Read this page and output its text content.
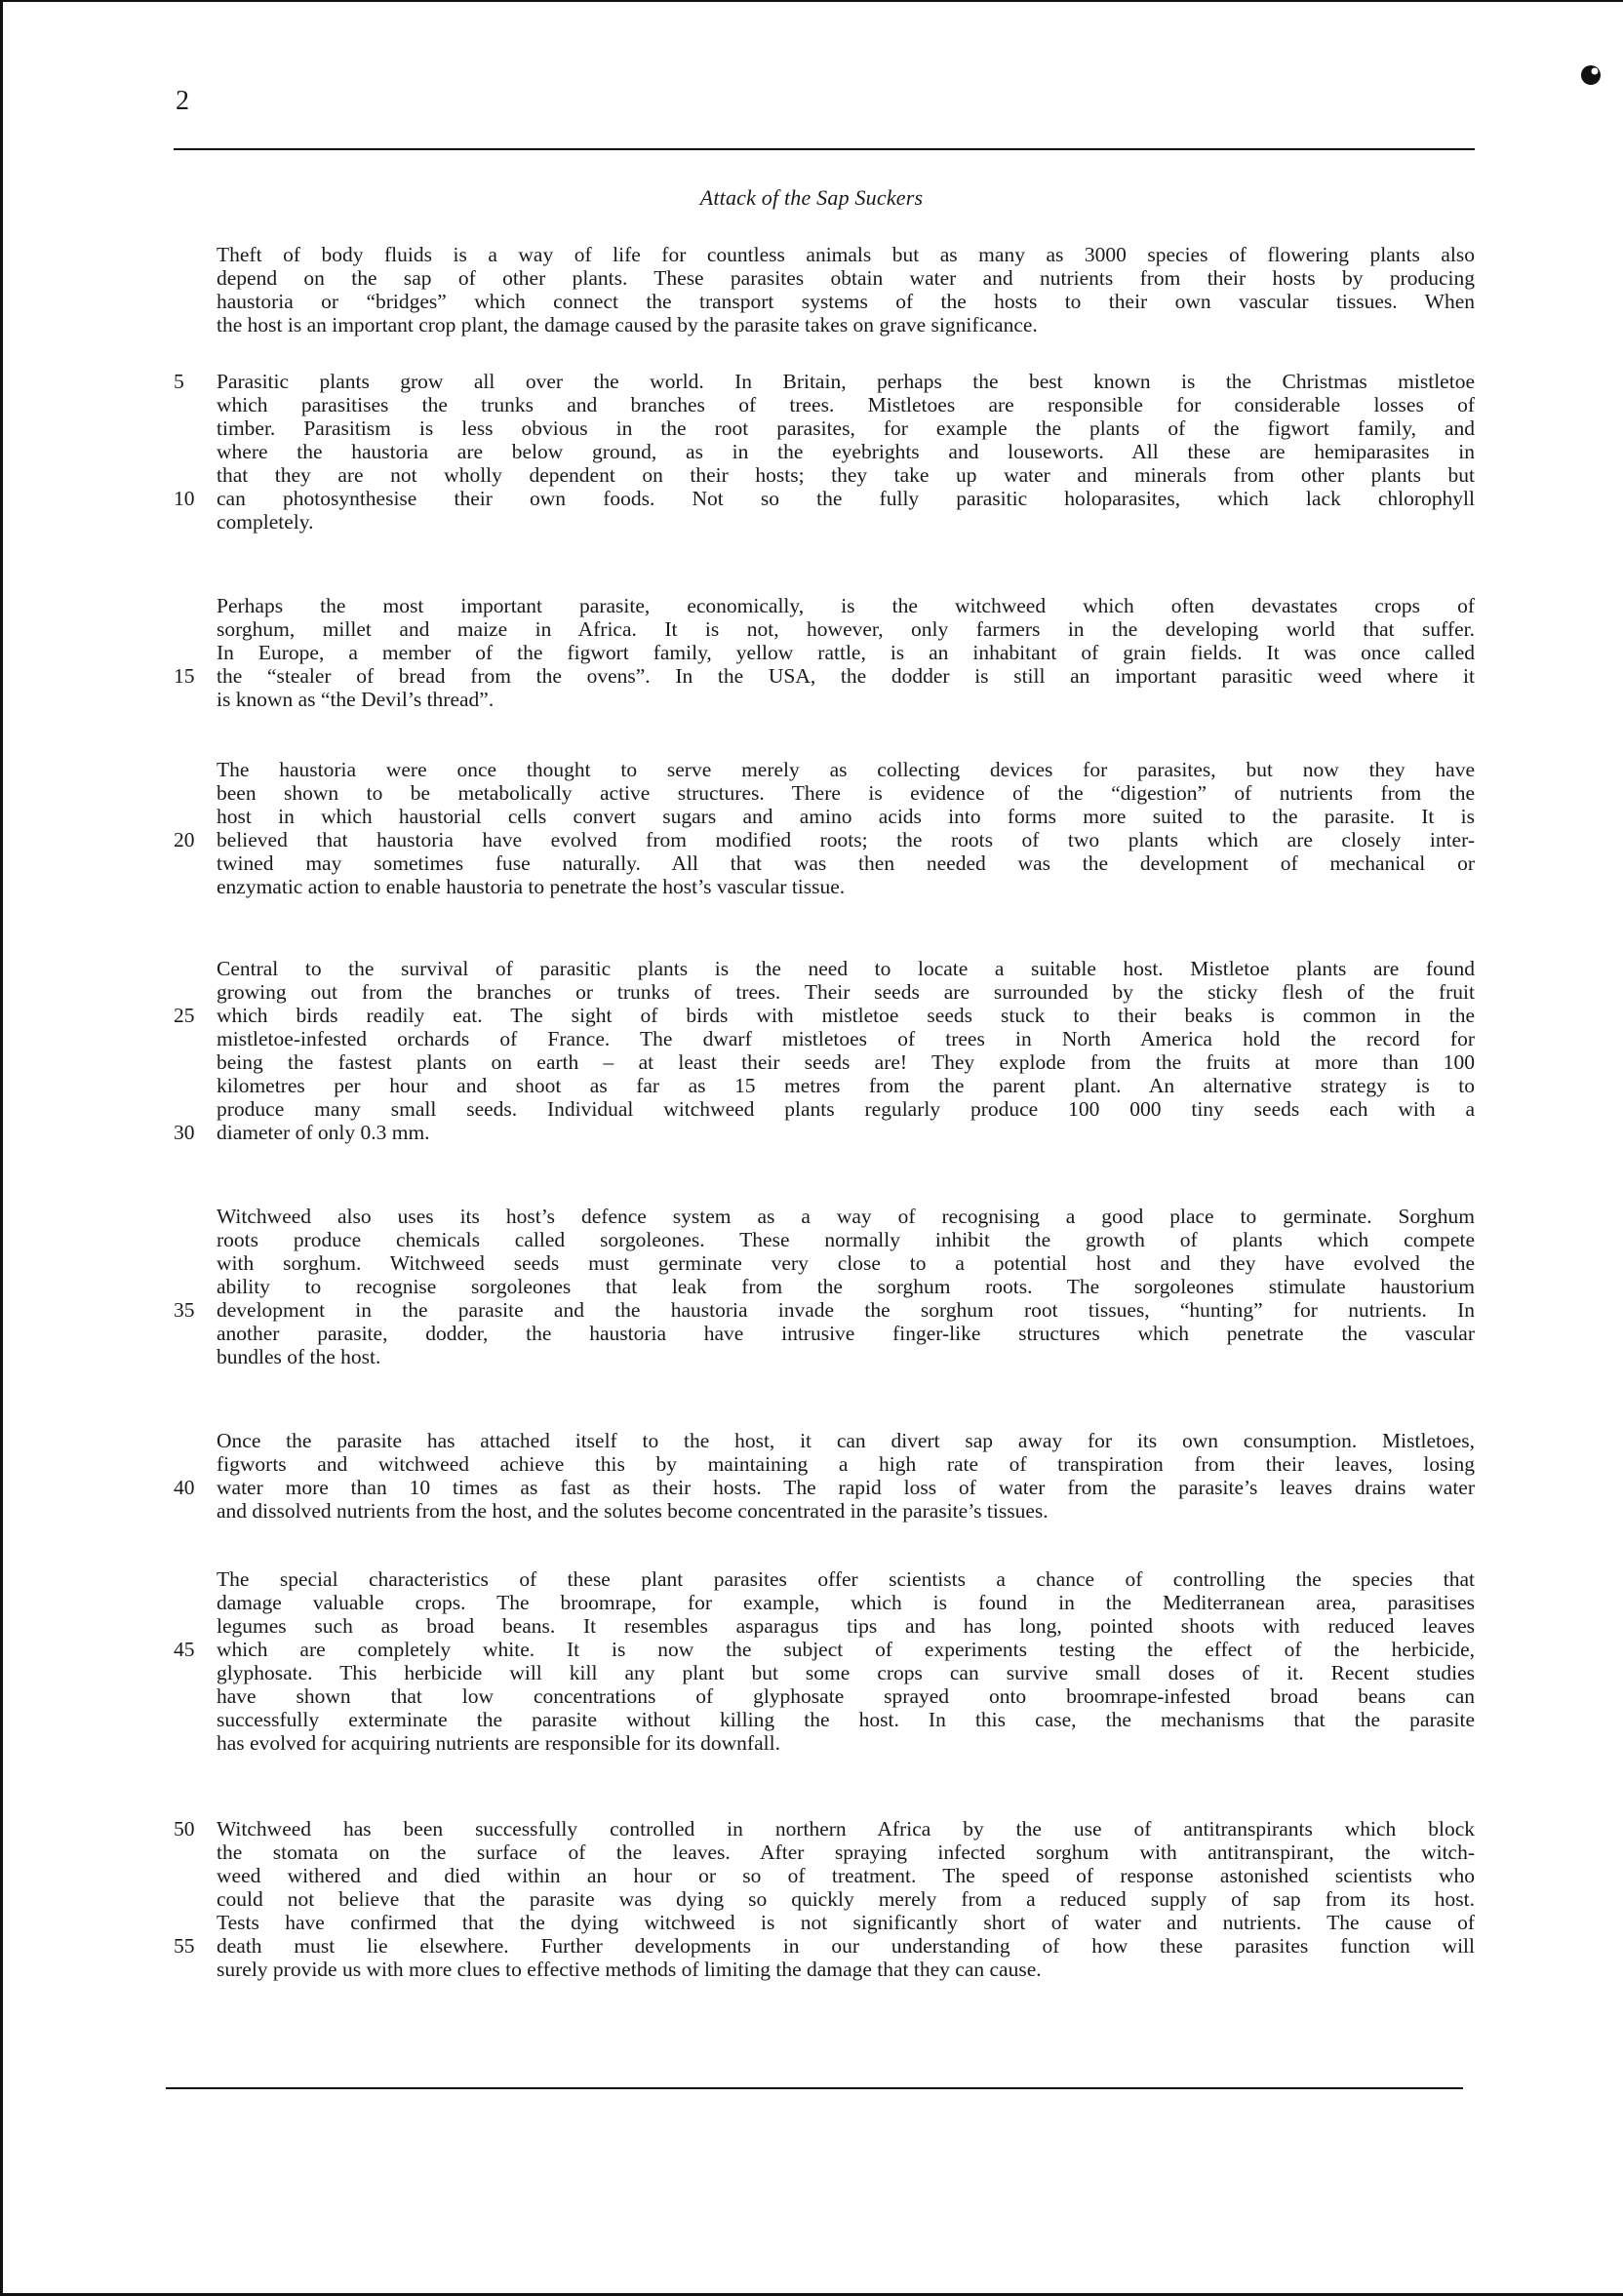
2
Attack of the Sap Suckers
Theft of body fluids is a way of life for countless animals but as many as 3000 species of flowering plants also
depend on the sap of other plants. These parasites obtain water and nutrients from their hosts by producing
haustoria or “bridges” which connect the transport systems of the hosts to their own vascular tissues. When
the host is an important crop plant, the damage caused by the parasite takes on grave significance.
Parasitic plants grow all over the world. In Britain, perhaps the best known is the Christmas mistletoe
which parasitises the trunks and branches of trees. Mistletoes are responsible for considerable losses of
timber. Parasitism is less obvious in the root parasites, for example the plants of the figwort family, and
where the haustoria are below ground, as in the eyebrights and louseworts. All these are hemiparasites in
that they are not wholly dependent on their hosts; they take up water and minerals from other plants but
can photosynthesise their own foods. Not so the fully parasitic holoparasites, which lack chlorophyll
completely.
Perhaps the most important parasite, economically, is the witchweed which often devastates crops of
sorghum, millet and maize in Africa. It is not, however, only farmers in the developing world that suffer.
In Europe, a member of the figwort family, yellow rattle, is an inhabitant of grain fields. It was once called
the “stealer of bread from the ovens”. In the USA, the dodder is still an important parasitic weed where it
is known as “the Devil’s thread”.
The haustoria were once thought to serve merely as collecting devices for parasites, but now they have
been shown to be metabolically active structures. There is evidence of the “digestion” of nutrients from the
host in which haustorial cells convert sugars and amino acids into forms more suited to the parasite. It is
believed that haustoria have evolved from modified roots; the roots of two plants which are closely inter-
twined may sometimes fuse naturally. All that was then needed was the development of mechanical or
enzymatic action to enable haustoria to penetrate the host’s vascular tissue.
Central to the survival of parasitic plants is the need to locate a suitable host. Mistletoe plants are found
growing out from the branches or trunks of trees. Their seeds are surrounded by the sticky flesh of the fruit
which birds readily eat. The sight of birds with mistletoe seeds stuck to their beaks is common in the
mistletoe-infested orchards of France. The dwarf mistletoes of trees in North America hold the record for
being the fastest plants on earth – at least their seeds are! They explode from the fruits at more than 100
kilometres per hour and shoot as far as 15 metres from the parent plant. An alternative strategy is to
produce many small seeds. Individual witchweed plants regularly produce 100 000 tiny seeds each with a
diameter of only 0.3 mm.
Witchweed also uses its host’s defence system as a way of recognising a good place to germinate. Sorghum
roots produce chemicals called sorgoleones. These normally inhibit the growth of plants which compete
with sorghum. Witchweed seeds must germinate very close to a potential host and they have evolved the
ability to recognise sorgoleones that leak from the sorghum roots. The sorgoleones stimulate haustorium
development in the parasite and the haustoria invade the sorghum root tissues, “hunting” for nutrients. In
another parasite, dodder, the haustoria have intrusive finger-like structures which penetrate the vascular
bundles of the host.
Once the parasite has attached itself to the host, it can divert sap away for its own consumption. Mistletoes,
figworts and witchweed achieve this by maintaining a high rate of transpiration from their leaves, losing
water more than 10 times as fast as their hosts. The rapid loss of water from the parasite’s leaves drains water
and dissolved nutrients from the host, and the solutes become concentrated in the parasite’s tissues.
The special characteristics of these plant parasites offer scientists a chance of controlling the species that
damage valuable crops. The broomrape, for example, which is found in the Mediterranean area, parasitises
legumes such as broad beans. It resembles asparagus tips and has long, pointed shoots with reduced leaves
which are completely white. It is now the subject of experiments testing the effect of the herbicide,
glyphosate. This herbicide will kill any plant but some crops can survive small doses of it. Recent studies
have shown that low concentrations of glyphosate sprayed onto broomrape-infested broad beans can
successfully exterminate the parasite without killing the host. In this case, the mechanisms that the parasite
has evolved for acquiring nutrients are responsible for its downfall.
Witchweed has been successfully controlled in northern Africa by the use of antitranspirants which block
the stomata on the surface of the leaves. After spraying infected sorghum with antitranspirant, the witch-
weed withered and died within an hour or so of treatment. The speed of response astonished scientists who
could not believe that the parasite was dying so quickly merely from a reduced supply of sap from its host.
Tests have confirmed that the dying witchweed is not significantly short of water and nutrients. The cause of
death must lie elsewhere. Further developments in our understanding of how these parasites function will
surely provide us with more clues to effective methods of limiting the damage that they can cause.
5
10
15
20
25
30
35
40
45
50
55
